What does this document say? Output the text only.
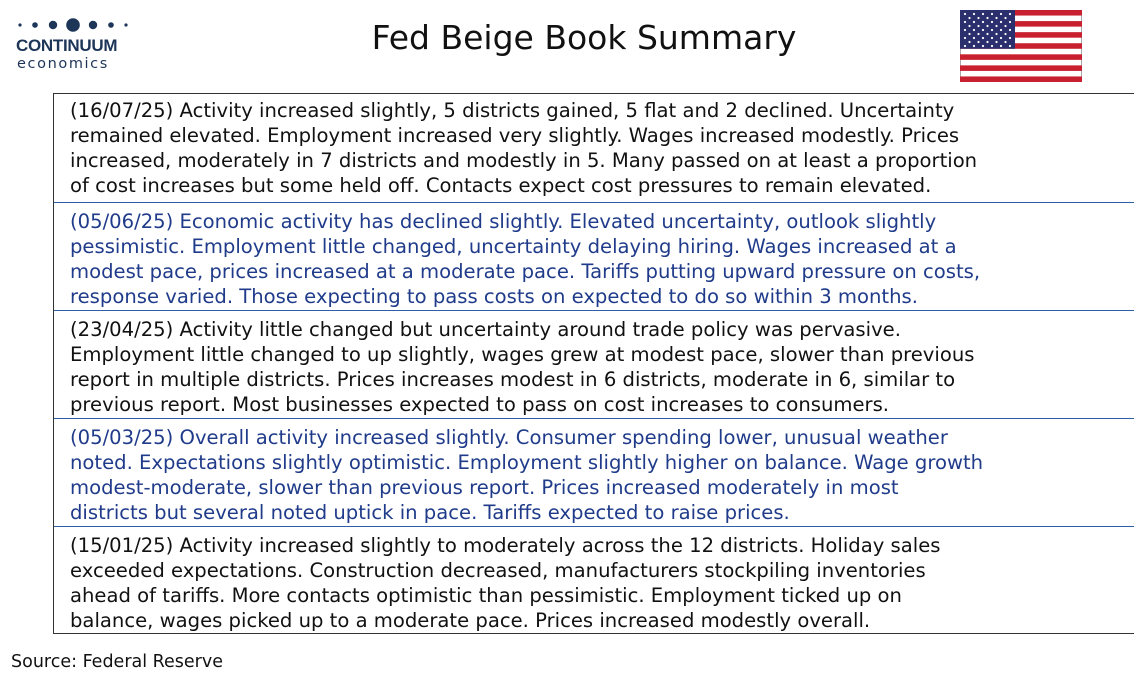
CONTINUUM
economics
Fed Beige Book Summary
(16/07/25) Activity increased slightly, 5 districts gained, 5 flat and 2 declined. Uncertainty
remained elevated. Employment increased very slightly. Wages increased modestly. Prices
increased, moderately in 7 districts and modestly in 5. Many passed on at least a proportion
of cost increases but some held off. Contacts expect cost pressures to remain elevated.
(05/06/25) Economic activity has declined slightly. Elevated uncertainty, outlook slightly
pessimistic. Employment little changed, uncertainty delaying hiring. Wages increased at a
modest pace, prices increased at a moderate pace. Tariffs putting upward pressure on costs,
response varied. Those expecting to pass costs on expected to do so within 3 months.
(23/04/25) Activity little changed but uncertainty around trade policy was pervasive.
Employment little changed to up slightly, wages grew at modest pace, slower than previous
report in multiple districts. Prices increases modest in 6 districts, moderate in 6, similar to
previous report. Most businesses expected to pass on cost increases to consumers.
(05/03/25) Overall activity increased slightly. Consumer spending lower, unusual weather
noted. Expectations slightly optimistic. Employment slightly higher on balance. Wage growth
modest-moderate, slower than previous report. Prices increased moderately in most
districts but several noted uptick in pace. Tariffs expected to raise prices.
(15/01/25) Activity increased slightly to moderately across the 12 districts. Holiday sales
exceeded expectations. Construction decreased, manufacturers stockpiling inventories
ahead of tariffs. More contacts optimistic than pessimistic. Employment ticked up on
balance, wages picked up to a moderate pace. Prices increased modestly overall.
Source: Federal Reserve
